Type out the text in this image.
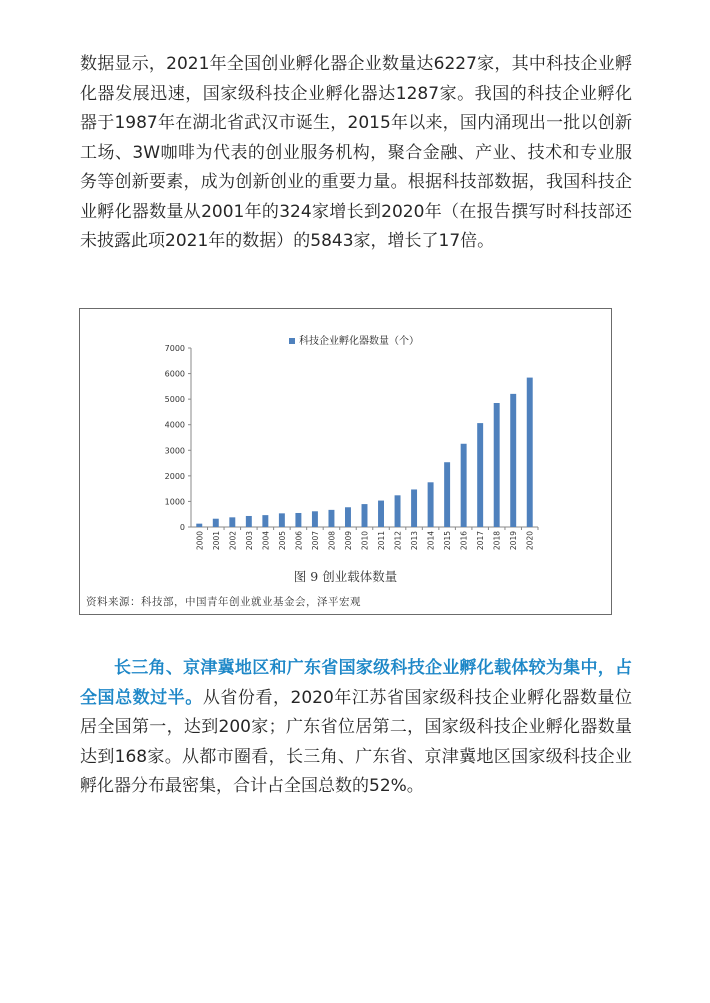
数据显示，2021年全国创业孵化器企业数量达6227家，其中科技企业孵化器发展迅速，国家级科技企业孵化器达1287家。我国的科技企业孵化器于1987年在湖北省武汉市诞生，2015年以来，国内涌现出一批以创新工场、3W咖啡为代表的创业服务机构，聚合金融、产业、技术和专业服务等创新要素，成为创新创业的重要力量。根据科技部数据，我国科技企业孵化器数量从2001年的324家增长到2020年（在报告撰写时科技部还未披露此项2021年的数据）的5843家，增长了17倍。

科技企业孵化器数量（个）
0
1000
2000
3000
4000
5000
6000
7000
2000 2001 2002 2003 2004 2005 2006 2007 2008 2009 2010 2011 2012 2013 2014 2015 2016 2017 2018 2019 2020
图 9 创业载体数量
资料来源：科技部，中国青年创业就业基金会，泽平宏观

长三角、京津冀地区和广东省国家级科技企业孵化载体较为集中，占全国总数过半。从省份看，2020年江苏省国家级科技企业孵化器数量位居全国第一，达到200家；广东省位居第二，国家级科技企业孵化器数量达到168家。从都市圈看，长三角、广东省、京津冀地区国家级科技企业孵化器分布最密集，合计占全国总数的52%。
